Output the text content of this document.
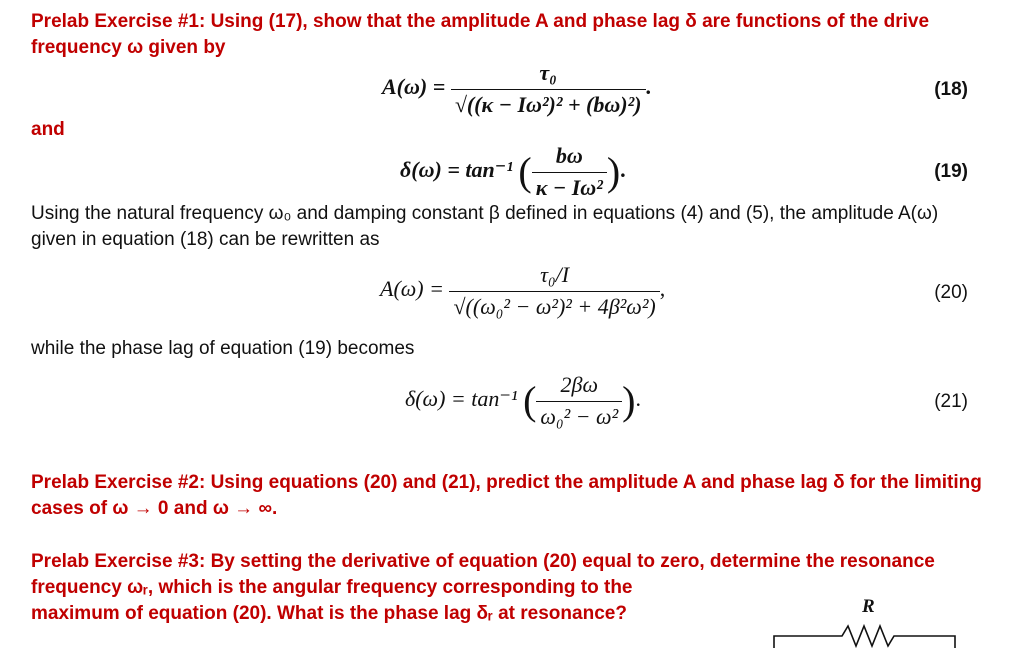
Prelab Exercise #1: Using (17), show that the amplitude A and phase lag δ are functions of the drive
frequency ω given by
$A(\omega) = \frac{\text{τ₀}}{\text{√((κ − Iω²)² + (bω)²)}}$ .	(18)
and
δ(ω) = tan⁻¹ ( $\frac{b\omega}{\text{κ − Iω²}}$ ).	(19)
Using the natural frequency ω₀ and damping constant β defined in equations (4) and (5), the amplitude A(ω)
given in equation (18) can be rewritten as
$A(\omega) = \frac{\text{τ₀/I}}{\text{√((ω₀² − ω²)² + 4β²ω²)}}$ ,	(20)
while the phase lag of equation (19) becomes
δ(ω) = tan⁻¹ ( $\frac{2\beta\omega}{\text{ω₀² − ω²}}$ ).	(21)
Prelab Exercise #2: Using equations (20) and (21), predict the amplitude A and phase lag δ for the limiting
cases of ω → 0 and ω → ∞.
Prelab Exercise #3: By setting the derivative of equation (20) equal to zero, determine the resonance
frequency ωᵣ, which is the angular frequency corresponding to the
maximum of equation (20). What is the phase lag δᵣ at resonance?	R
